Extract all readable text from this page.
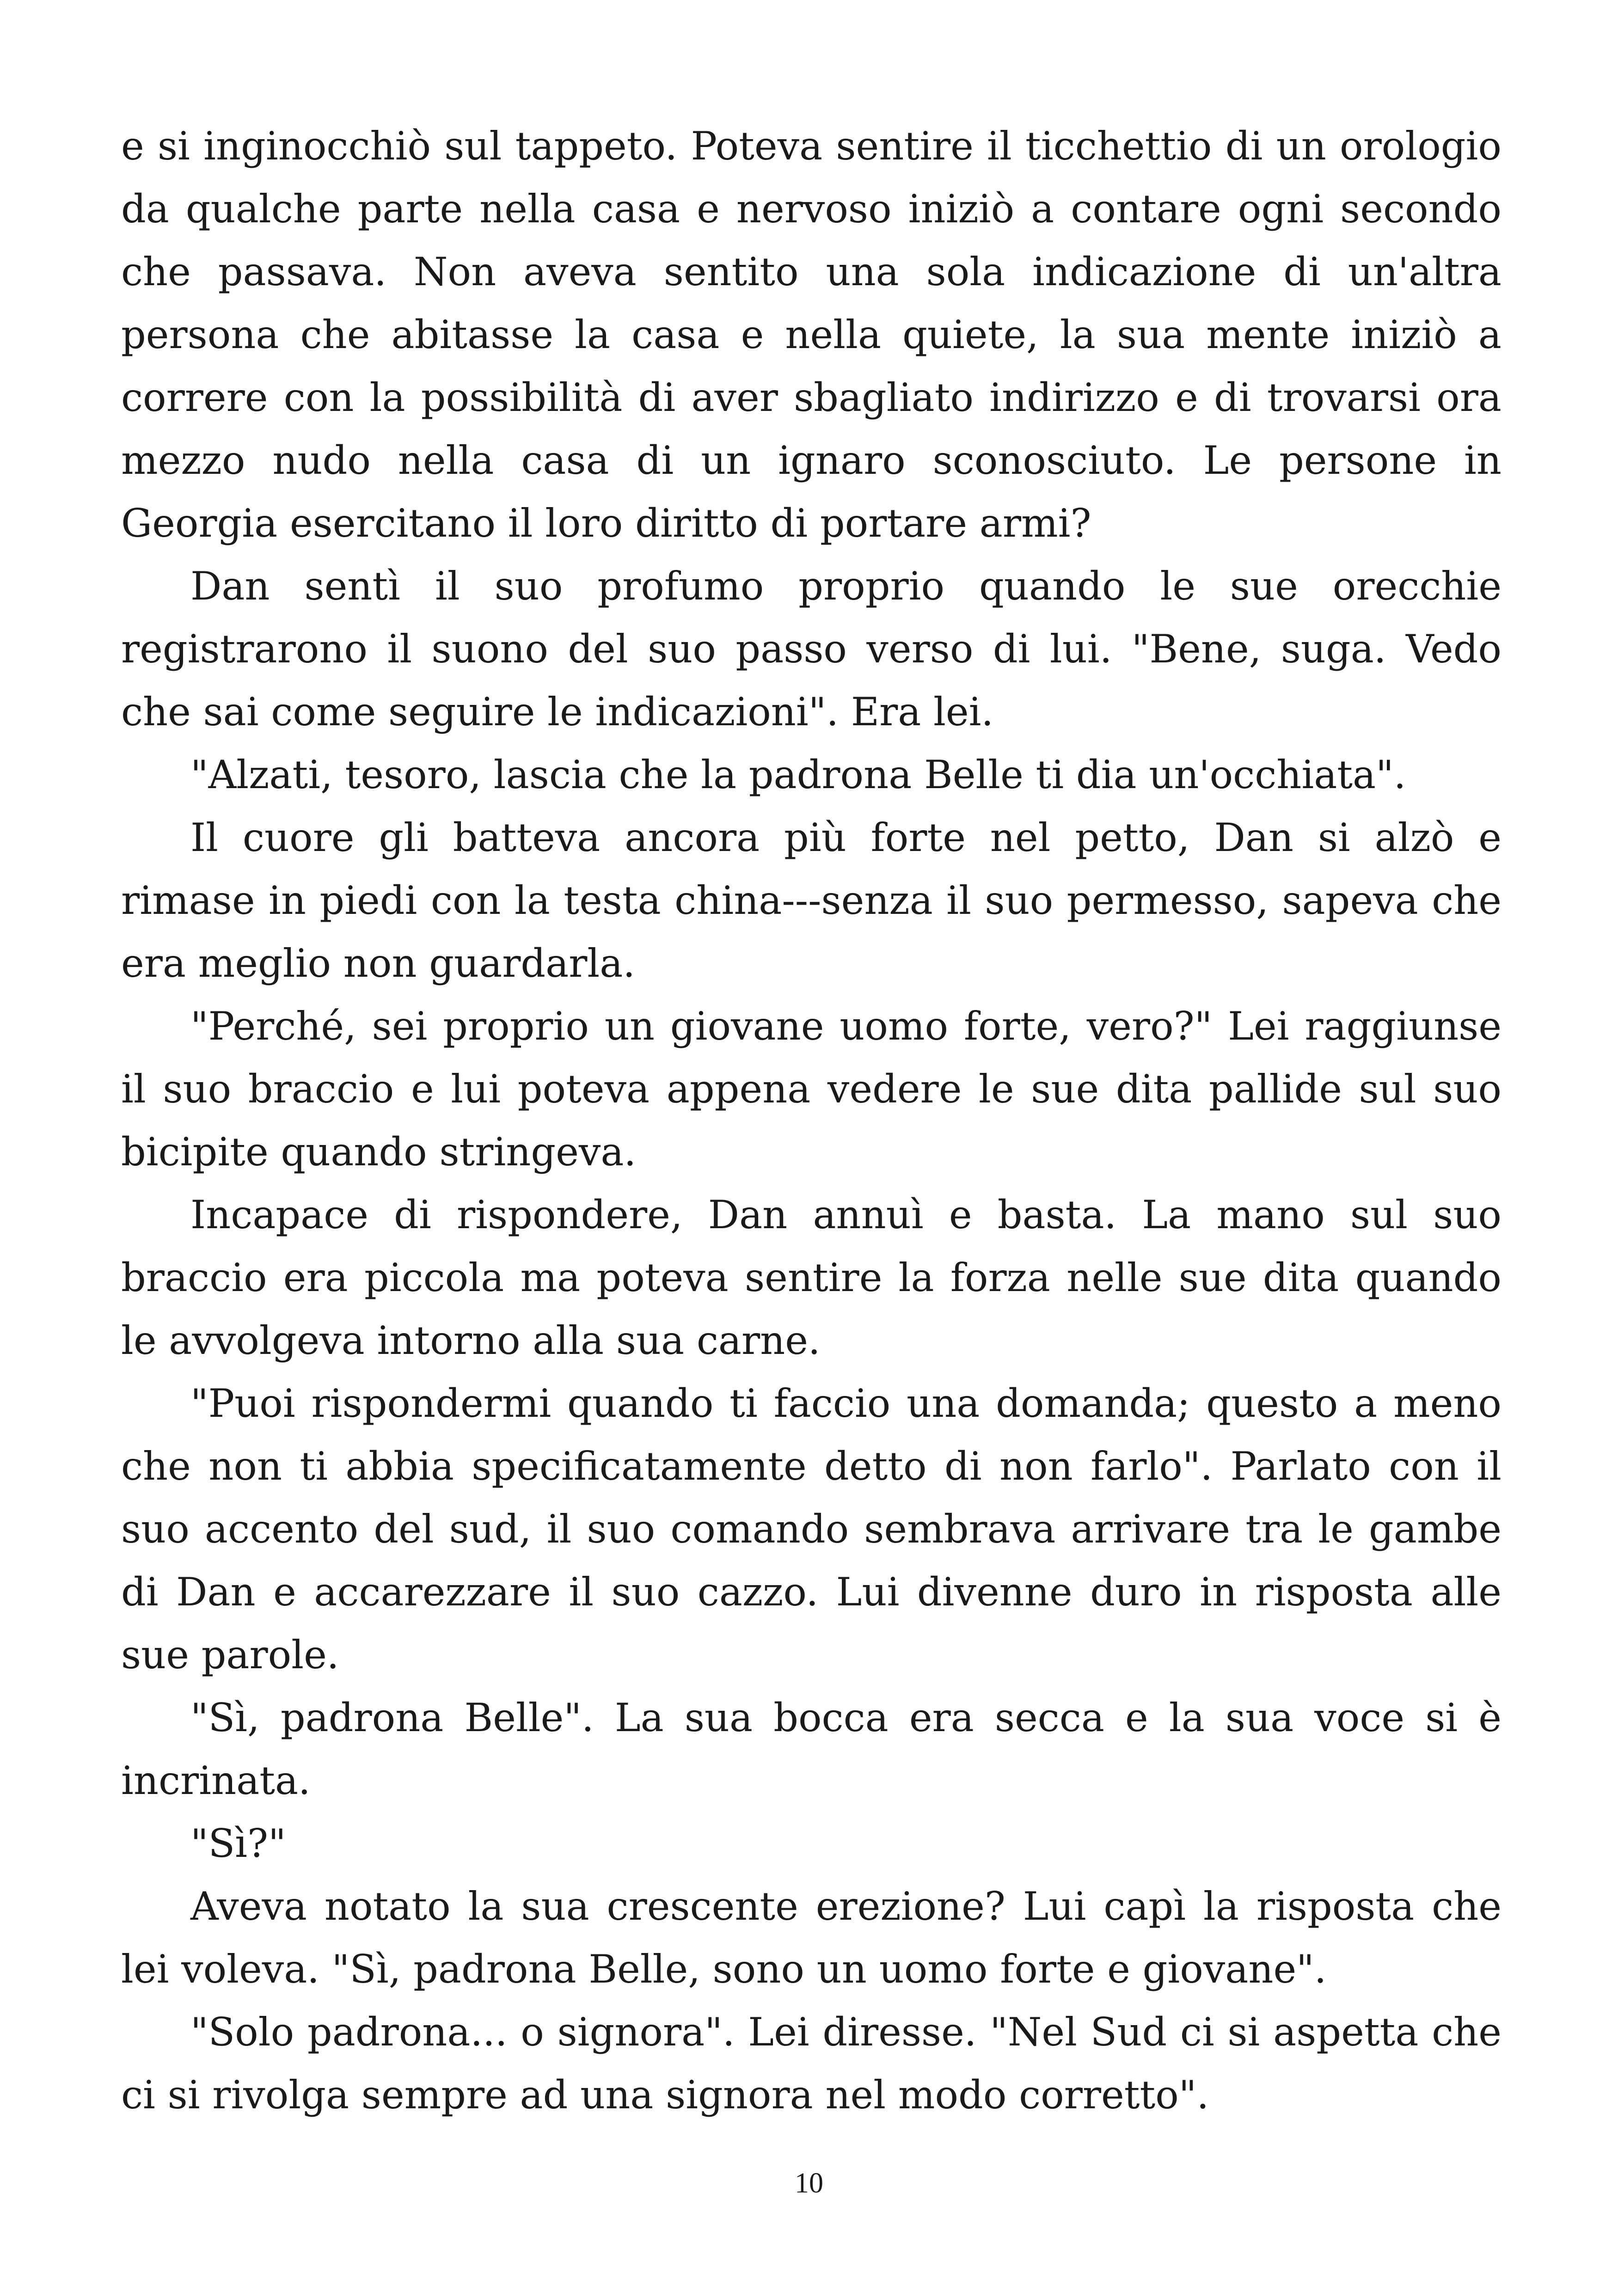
e si inginocchiò sul tappeto. Poteva sentire il ticchettio di un orologio da qualche parte nella casa e nervoso iniziò a contare ogni secondo che passava. Non aveva sentito una sola indicazione di un'altra persona che abitasse la casa e nella quiete, la sua mente iniziò a correre con la possibilità di aver sbagliato indirizzo e di trovarsi ora mezzo nudo nella casa di un ignaro sconosciuto. Le persone in Georgia esercitano il loro diritto di portare armi?

Dan sentì il suo profumo proprio quando le sue orecchie registrarono il suono del suo passo verso di lui. "Bene, suga. Vedo che sai come seguire le indicazioni". Era lei.

"Alzati, tesoro, lascia che la padrona Belle ti dia un'occhiata".

Il cuore gli batteva ancora più forte nel petto, Dan si alzò e rimase in piedi con la testa china---senza il suo permesso, sapeva che era meglio non guardarla.

"Perché, sei proprio un giovane uomo forte, vero?" Lei raggiunse il suo braccio e lui poteva appena vedere le sue dita pallide sul suo bicipite quando stringeva.

Incapace di rispondere, Dan annuì e basta. La mano sul suo braccio era piccola ma poteva sentire la forza nelle sue dita quando le avvolgeva intorno alla sua carne.

"Puoi rispondermi quando ti faccio una domanda; questo a meno che non ti abbia specificatamente detto di non farlo". Parlato con il suo accento del sud, il suo comando sembrava arrivare tra le gambe di Dan e accarezzare il suo cazzo. Lui divenne duro in risposta alle sue parole.

"Sì, padrona Belle". La sua bocca era secca e la sua voce si è incrinata.

"Sì?"

Aveva notato la sua crescente erezione? Lui capì la risposta che lei voleva. "Sì, padrona Belle, sono un uomo forte e giovane".

"Solo padrona... o signora". Lei diresse. "Nel Sud ci si aspetta che ci si rivolga sempre ad una signora nel modo corretto".

10
